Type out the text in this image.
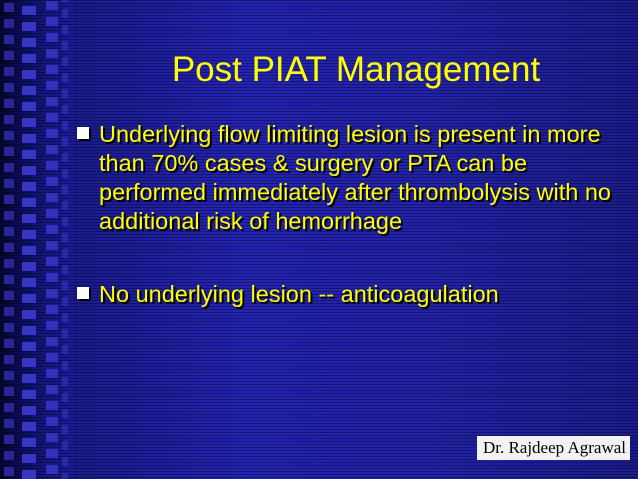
Post PIAT Management
Underlying flow limiting lesion is present in more than 70% cases & surgery or PTA can be performed immediately after thrombolysis with no additional risk of hemorrhage
No underlying lesion -- anticoagulation
Dr. Rajdeep Agrawal
